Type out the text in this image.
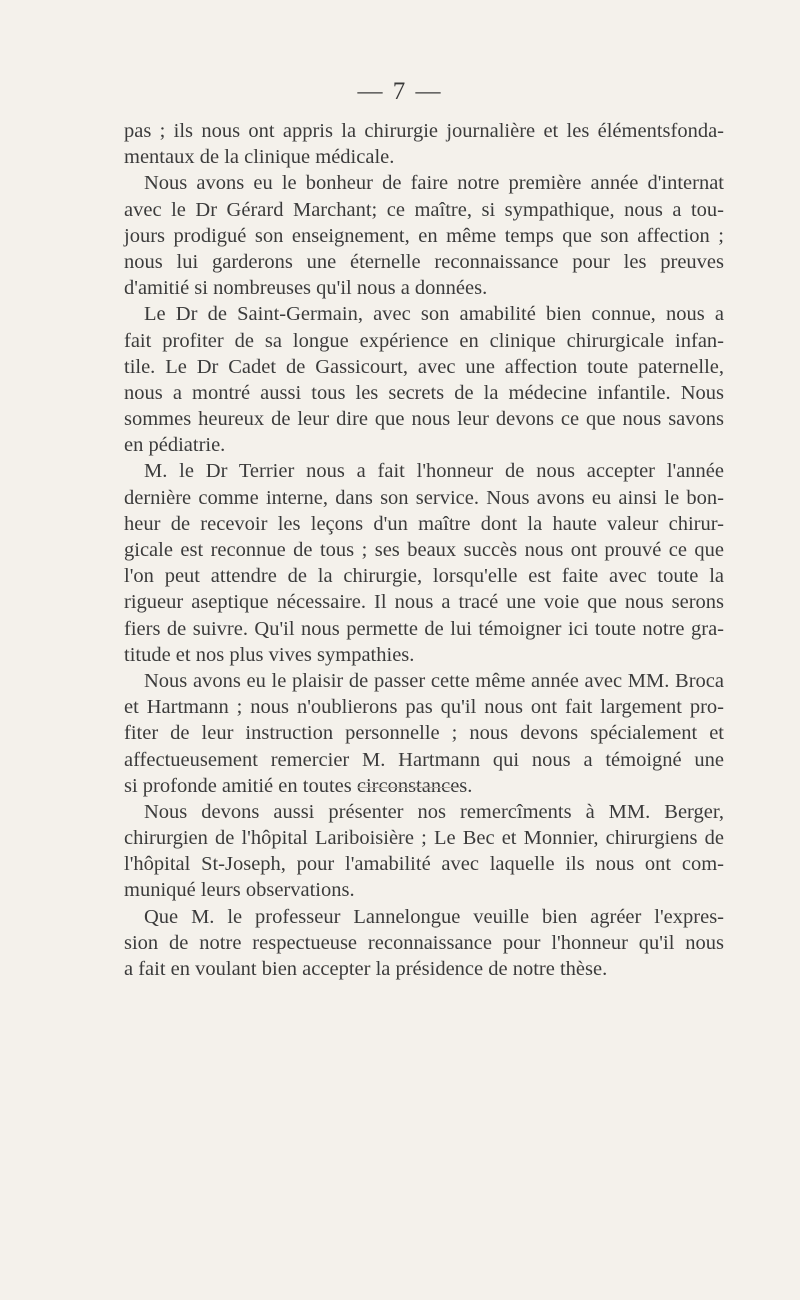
— 7 —
pas ; ils nous ont appris la chirurgie journalière et les élémentsfonda-
mentaux de la clinique médicale.
Nous avons eu le bonheur de faire notre première année d'internat
avec le Dr Gérard Marchant; ce maître, si sympathique, nous a tou-
jours prodigué son enseignement, en même temps que son affection ;
nous lui garderons une éternelle reconnaissance pour les preuves
d'amitié si nombreuses qu'il nous a données.
Le Dr de Saint-Germain, avec son amabilité bien connue, nous a
fait profiter de sa longue expérience en clinique chirurgicale infan-
tile. Le Dr Cadet de Gassicourt, avec une affection toute paternelle,
nous a montré aussi tous les secrets de la médecine infantile. Nous
sommes heureux de leur dire que nous leur devons ce que nous savons
en pédiatrie.
M. le Dr Terrier nous a fait l'honneur de nous accepter l'année
dernière comme interne, dans son service. Nous avons eu ainsi le bon-
heur de recevoir les leçons d'un maître dont la haute valeur chirur-
gicale est reconnue de tous ; ses beaux succès nous ont prouvé ce que
l'on peut attendre de la chirurgie, lorsqu'elle est faite avec toute la
rigueur aseptique nécessaire. Il nous a tracé une voie que nous serons
fiers de suivre. Qu'il nous permette de lui témoigner ici toute notre gra-
titude et nos plus vives sympathies.
Nous avons eu le plaisir de passer cette même année avec MM. Broca
et Hartmann ; nous n'oublierons pas qu'il nous ont fait largement pro-
fiter de leur instruction personnelle ; nous devons spécialement et
affectueusement remercier M. Hartmann qui nous a témoigné une
si profonde amitié en toutes circonstances.
Nous devons aussi présenter nos remercîments à MM. Berger,
chirurgien de l'hôpital Lariboisière ; Le Bec et Monnier, chirurgiens de
l'hôpital St-Joseph, pour l'amabilité avec laquelle ils nous ont com-
muniqué leurs observations.
Que M. le professeur Lannelongue veuille bien agréer l'expres-
sion de notre respectueuse reconnaissance pour l'honneur qu'il nous
a fait en voulant bien accepter la présidence de notre thèse.
